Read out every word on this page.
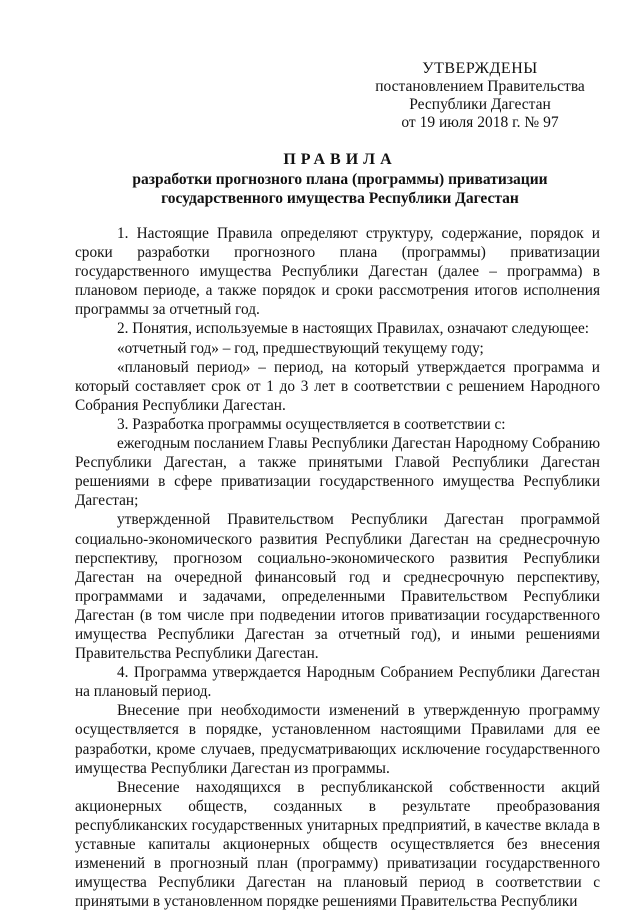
УТВЕРЖДЕНЫ
постановлением Правительства
Республики Дагестан
от 19 июля 2018 г. № 97
ПРАВИЛА
разработки прогнозного плана (программы) приватизации
государственного имущества Республики Дагестан

1. Настоящие Правила определяют структуру, содержание, порядок и сроки разработки прогнозного плана (программы) приватизации государственного имущества Республики Дагестан (далее – программа) в плановом периоде, а также порядок и сроки рассмотрения итогов исполнения программы за отчетный год.

2. Понятия, используемые в настоящих Правилах, означают следующее:

«отчетный год» – год, предшествующий текущему году;

«плановый период» – период, на который утверждается программа и который составляет срок от 1 до 3 лет в соответствии с решением Народного Собрания Республики Дагестан.

3. Разработка программы осуществляется в соответствии с:

ежегодным посланием Главы Республики Дагестан Народному Собранию Республики Дагестан, а также принятыми Главой Республики Дагестан решениями в сфере приватизации государственного имущества Республики Дагестан;

утвержденной Правительством Республики Дагестан программой социально-экономического развития Республики Дагестан на среднесрочную перспективу, прогнозом социально-экономического развития Республики Дагестан на очередной финансовый год и среднесрочную перспективу, программами и задачами, определенными Правительством Республики Дагестан (в том числе при подведении итогов приватизации государственного имущества Республики Дагестан за отчетный год), и иными решениями Правительства Республики Дагестан.

4. Программа утверждается Народным Собранием Республики Дагестан на плановый период.

Внесение при необходимости изменений в утвержденную программу осуществляется в порядке, установленном настоящими Правилами для ее разработки, кроме случаев, предусматривающих исключение государственного имущества Республики Дагестан из программы.

Внесение находящихся в республиканской собственности акций акционерных обществ, созданных в результате преобразования республиканских государственных унитарных предприятий, в качестве вклада в уставные капиталы акционерных обществ осуществляется без внесения изменений в прогнозный план (программу) приватизации государственного имущества Республики Дагестан на плановый период в соответствии с принятыми в установленном порядке решениями Правительства Республики
